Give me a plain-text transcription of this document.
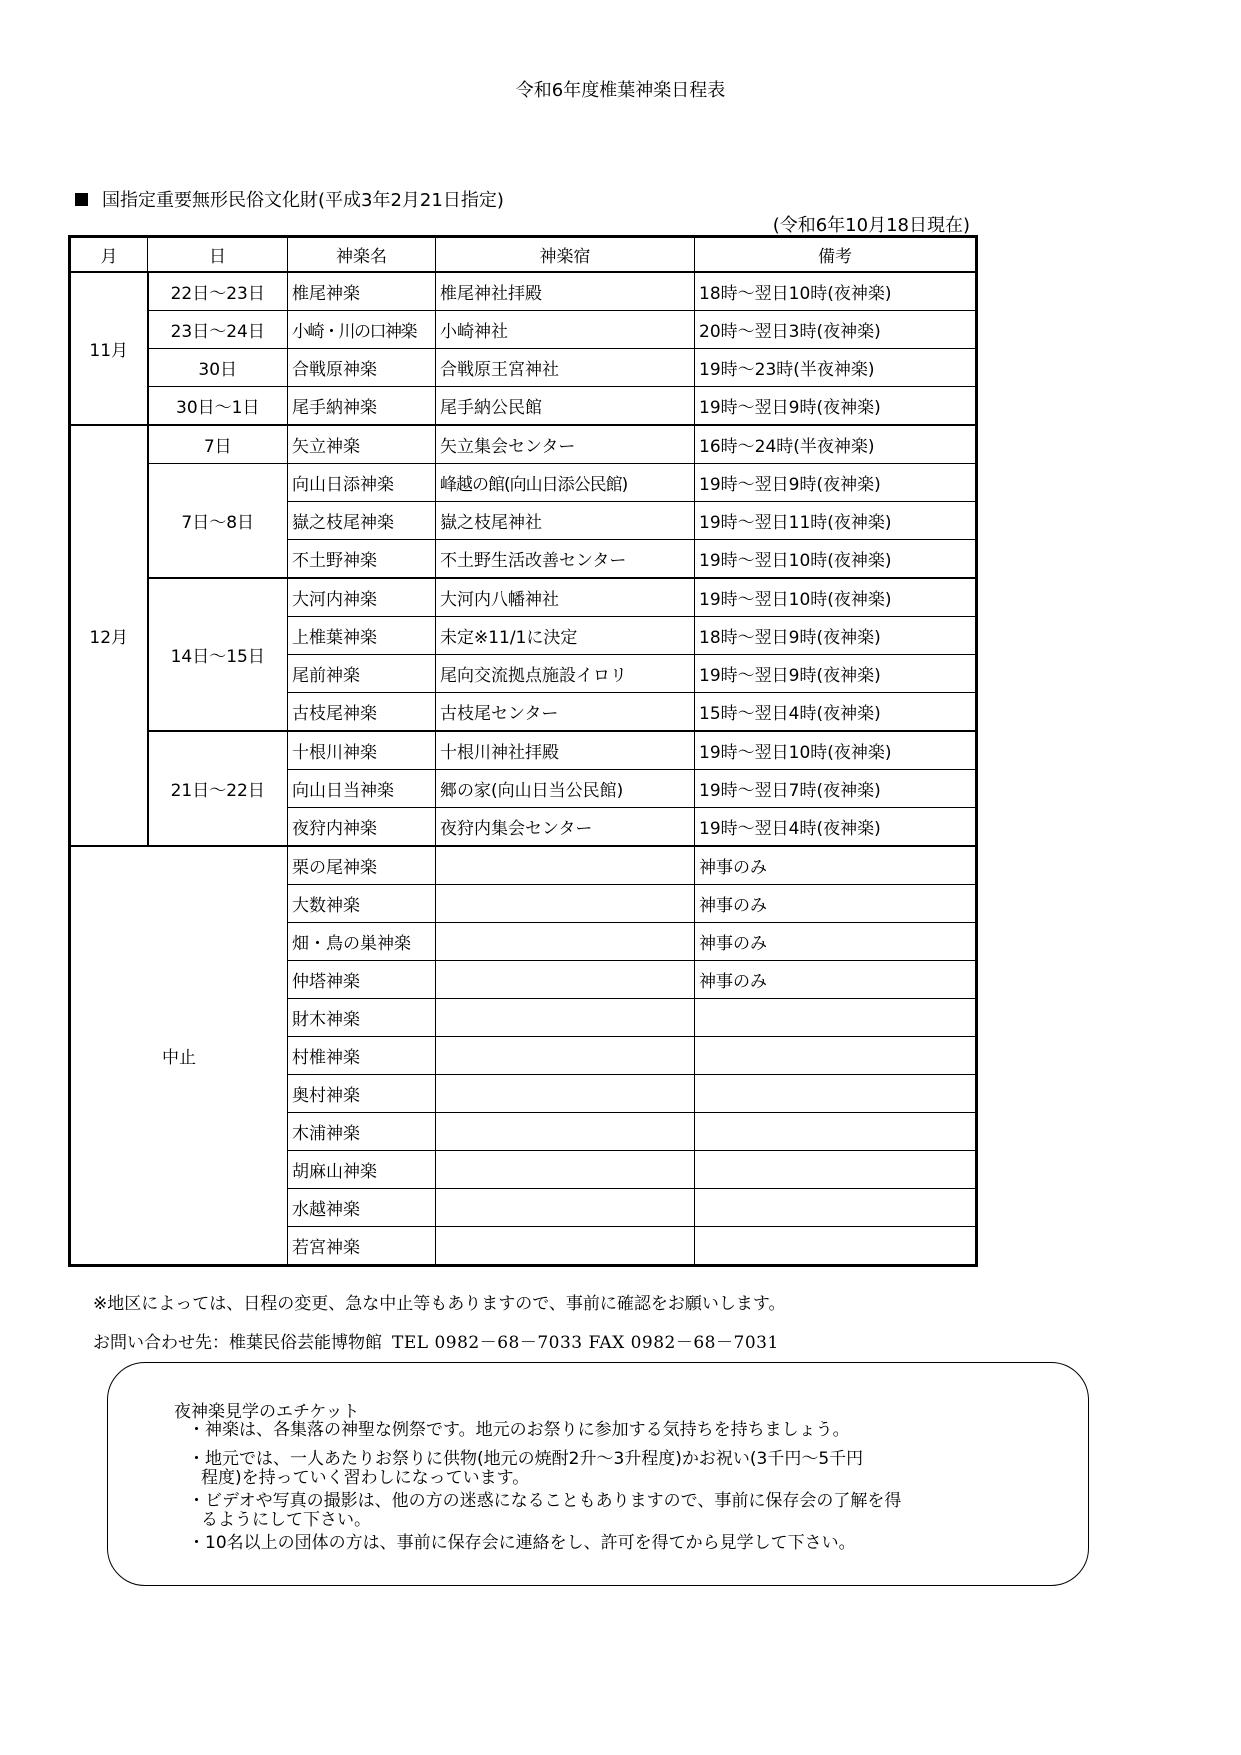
令和6年度椎葉神楽日程表
国指定重要無形民俗文化財(平成3年2月21日指定)
(令和6年10月18日現在)
月	日	神楽名	神楽宿	備考
11月	22日～23日	椎尾神楽	椎尾神社拝殿	18時～翌日10時(夜神楽)
	23日～24日	小崎・川の口神楽	小崎神社	20時～翌日3時(夜神楽)
	30日	合戦原神楽	合戦原王宮神社	19時～23時(半夜神楽)
	30日～1日	尾手納神楽	尾手納公民館	19時～翌日9時(夜神楽)
12月	7日	矢立神楽	矢立集会センター	16時～24時(半夜神楽)
	7日～8日	向山日添神楽	峰越の館(向山日添公民館)	19時～翌日9時(夜神楽)
		嶽之枝尾神楽	嶽之枝尾神社	19時～翌日11時(夜神楽)
		不土野神楽	不土野生活改善センター	19時～翌日10時(夜神楽)
	14日～15日	大河内神楽	大河内八幡神社	19時～翌日10時(夜神楽)
		上椎葉神楽	未定※11/1に決定	18時～翌日9時(夜神楽)
		尾前神楽	尾向交流拠点施設イロリ	19時～翌日9時(夜神楽)
		古枝尾神楽	古枝尾センター	15時～翌日4時(夜神楽)
	21日～22日	十根川神楽	十根川神社拝殿	19時～翌日10時(夜神楽)
		向山日当神楽	郷の家(向山日当公民館)	19時～翌日7時(夜神楽)
		夜狩内神楽	夜狩内集会センター	19時～翌日4時(夜神楽)
中止		栗の尾神楽		神事のみ
		大数神楽		神事のみ
		畑・鳥の巣神楽		神事のみ
		仲塔神楽		神事のみ
		財木神楽		
		村椎神楽		
		奥村神楽		
		木浦神楽		
		胡麻山神楽		
		水越神楽		
		若宮神楽		
※地区によっては、日程の変更、急な中止等もありますので、事前に確認をお願いします。
お問い合わせ先：椎葉民俗芸能博物館 TEL 0982－68－7033 FAX 0982－68－7031
夜神楽見学のエチケット
・神楽は、各集落の神聖な例祭です。地元のお祭りに参加する気持ちを持ちましょう。
・地元では、一人あたりお祭りに供物(地元の焼酎2升～3升程度)かお祝い(3千円～5千円
程度)を持っていく習わしになっています。
・ビデオや写真の撮影は、他の方の迷惑になることもありますので、事前に保存会の了解を得
るようにして下さい。
・10名以上の団体の方は、事前に保存会に連絡をし、許可を得てから見学して下さい。
